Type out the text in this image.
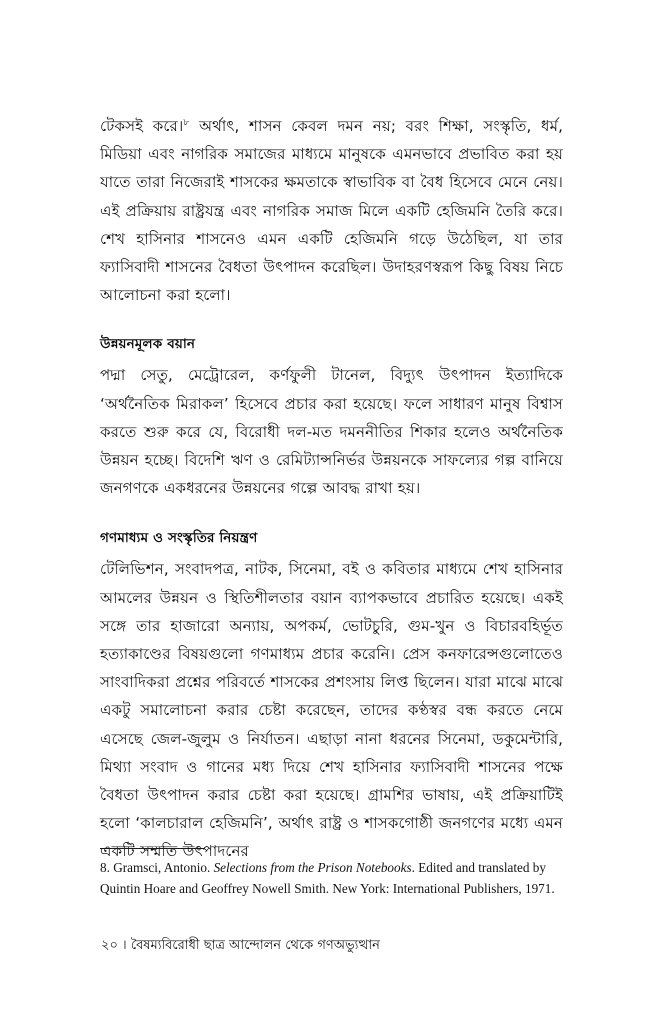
টেকসই করে।$^৮$ অর্থাৎ, শাসন কেবল দমন নয়; বরং শিক্ষা, সংস্কৃতি, ধর্ম, মিডিয়া এবং নাগরিক সমাজের মাধ্যমে মানুষকে এমনভাবে প্রভাবিত করা হয় যাতে তারা নিজেরাই শাসকের ক্ষমতাকে স্বাভাবিক বা বৈধ হিসেবে মেনে নেয়। এই প্রক্রিয়ায় রাষ্ট্রযন্ত্র এবং নাগরিক সমাজ মিলে একটি হেজিমনি তৈরি করে। শেখ হাসিনার শাসনেও এমন একটি হেজিমনি গড়ে উঠেছিল, যা তার ফ্যাসিবাদী শাসনের বৈধতা উৎপাদন করেছিল। উদাহরণস্বরূপ কিছু বিষয় নিচে আলোচনা করা হলো।

উন্নয়নমূলক বয়ান

পদ্মা সেতু, মেট্রোরেল, কর্ণফুলী টানেল, বিদ্যুৎ উৎপাদন ইত্যাদিকে ‘অর্থনৈতিক মিরাকল’ হিসেবে প্রচার করা হয়েছে। ফলে সাধারণ মানুষ বিশ্বাস করতে শুরু করে যে, বিরোধী দল-মত দমননীতির শিকার হলেও অর্থনৈতিক উন্নয়ন হচ্ছে। বিদেশি ঋণ ও রেমিট্যান্সনির্ভর উন্নয়নকে সাফল্যের গল্প বানিয়ে জনগণকে একধরনের উন্নয়নের গল্পে আবদ্ধ রাখা হয়।

গণমাধ্যম ও সংস্কৃতির নিয়ন্ত্রণ

টেলিভিশন, সংবাদপত্র, নাটক, সিনেমা, বই ও কবিতার মাধ্যমে শেখ হাসিনার আমলের উন্নয়ন ও স্থিতিশীলতার বয়ান ব্যাপকভাবে প্রচারিত হয়েছে। একই সঙ্গে তার হাজারো অন্যায়, অপকর্ম, ভোটচুরি, গুম-খুন ও বিচারবহির্ভূত হত্যাকাণ্ডের বিষয়গুলো গণমাধ্যম প্রচার করেনি। প্রেস কনফারেন্সগুলোতেও সাংবাদিকরা প্রশ্নের পরিবর্তে শাসকের প্রশংসায় লিপ্ত ছিলেন। যারা মাঝে মাঝে একটু সমালোচনা করার চেষ্টা করেছেন, তাদের কণ্ঠস্বর বন্ধ করতে নেমে এসেছে জেল-জুলুম ও নির্যাতন। এছাড়া নানা ধরনের সিনেমা, ডকুমেন্টারি, মিথ্যা সংবাদ ও গানের মধ্য দিয়ে শেখ হাসিনার ফ্যাসিবাদী শাসনের পক্ষে বৈধতা উৎপাদন করার চেষ্টা করা হয়েছে। গ্রামশির ভাষায়, এই প্রক্রিয়াটিই হলো ‘কালচারাল হেজিমনি’, অর্থাৎ রাষ্ট্র ও শাসকগোষ্ঠী জনগণের মধ্যে এমন একটি সম্মতি উৎপাদনের

8. Gramsci, Antonio. Selections from the Prison Notebooks. Edited and translated by Quintin Hoare and Geoffrey Nowell Smith. New York: International Publishers, 1971.

২০ । বৈষম্যবিরোধী ছাত্র আন্দোলন থেকে গণঅভ্যুত্থান
